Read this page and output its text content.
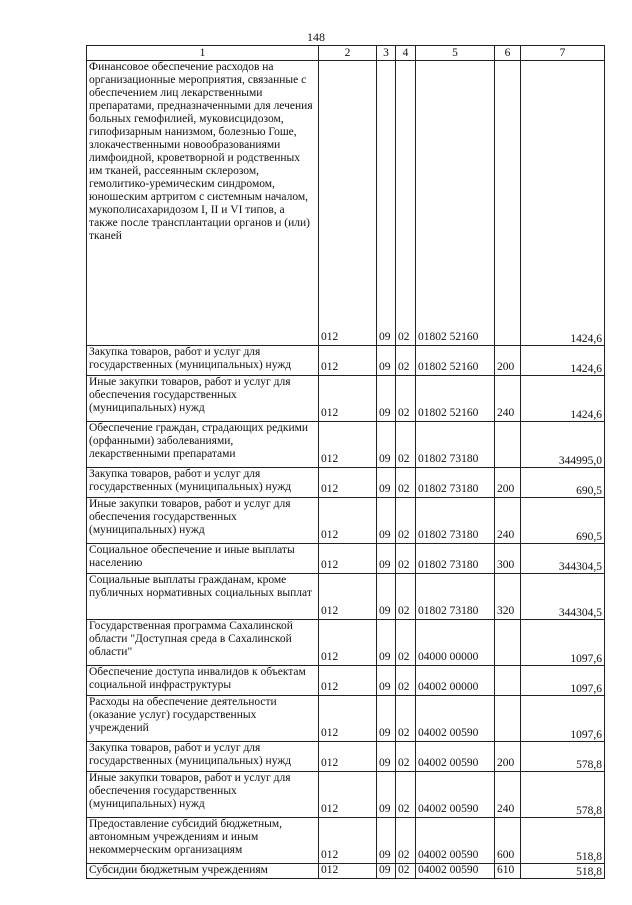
148
1	2	3	4	5	6	7
Финансовое обеспечение расходов на организационные мероприятия, связанные с обеспечением лиц лекарственными препаратами, предназначенными для лечения больных гемофилией, муковисцидозом, гипофизарным нанизмом, болезнью Гоше, злокачественными новообразованиями лимфоидной, кроветворной и родственных им тканей, рассеянным склерозом, гемолитико-уремическим синдромом, юношеским артритом с системным началом, мукополисахаридозом I, II и VI типов, а также после трансплантации органов и (или) тканей	012	09	02	01802 52160		1424,6
Закупка товаров, работ и услуг для государственных (муниципальных) нужд	012	09	02	01802 52160	200	1424,6
Иные закупки товаров, работ и услуг для обеспечения государственных (муниципальных) нужд	012	09	02	01802 52160	240	1424,6
Обеспечение граждан, страдающих редкими (орфанными) заболеваниями, лекарственными препаратами	012	09	02	01802 73180		344995,0
Закупка товаров, работ и услуг для государственных (муниципальных) нужд	012	09	02	01802 73180	200	690,5
Иные закупки товаров, работ и услуг для обеспечения государственных (муниципальных) нужд	012	09	02	01802 73180	240	690,5
Социальное обеспечение и иные выплаты населению	012	09	02	01802 73180	300	344304,5
Социальные выплаты гражданам, кроме публичных нормативных социальных выплат	012	09	02	01802 73180	320	344304,5
Государственная программа Сахалинской области "Доступная среда в Сахалинской области"	012	09	02	04000 00000		1097,6
Обеспечение доступа инвалидов к объектам социальной инфраструктуры	012	09	02	04002 00000		1097,6
Расходы на обеспечение деятельности (оказание услуг) государственных учреждений	012	09	02	04002 00590		1097,6
Закупка товаров, работ и услуг для государственных (муниципальных) нужд	012	09	02	04002 00590	200	578,8
Иные закупки товаров, работ и услуг для обеспечения государственных (муниципальных) нужд	012	09	02	04002 00590	240	578,8
Предоставление субсидий бюджетным, автономным учреждениям и иным некоммерческим организациям	012	09	02	04002 00590	600	518,8
Субсидии бюджетным учреждениям	012	09	02	04002 00590	610	518,8
